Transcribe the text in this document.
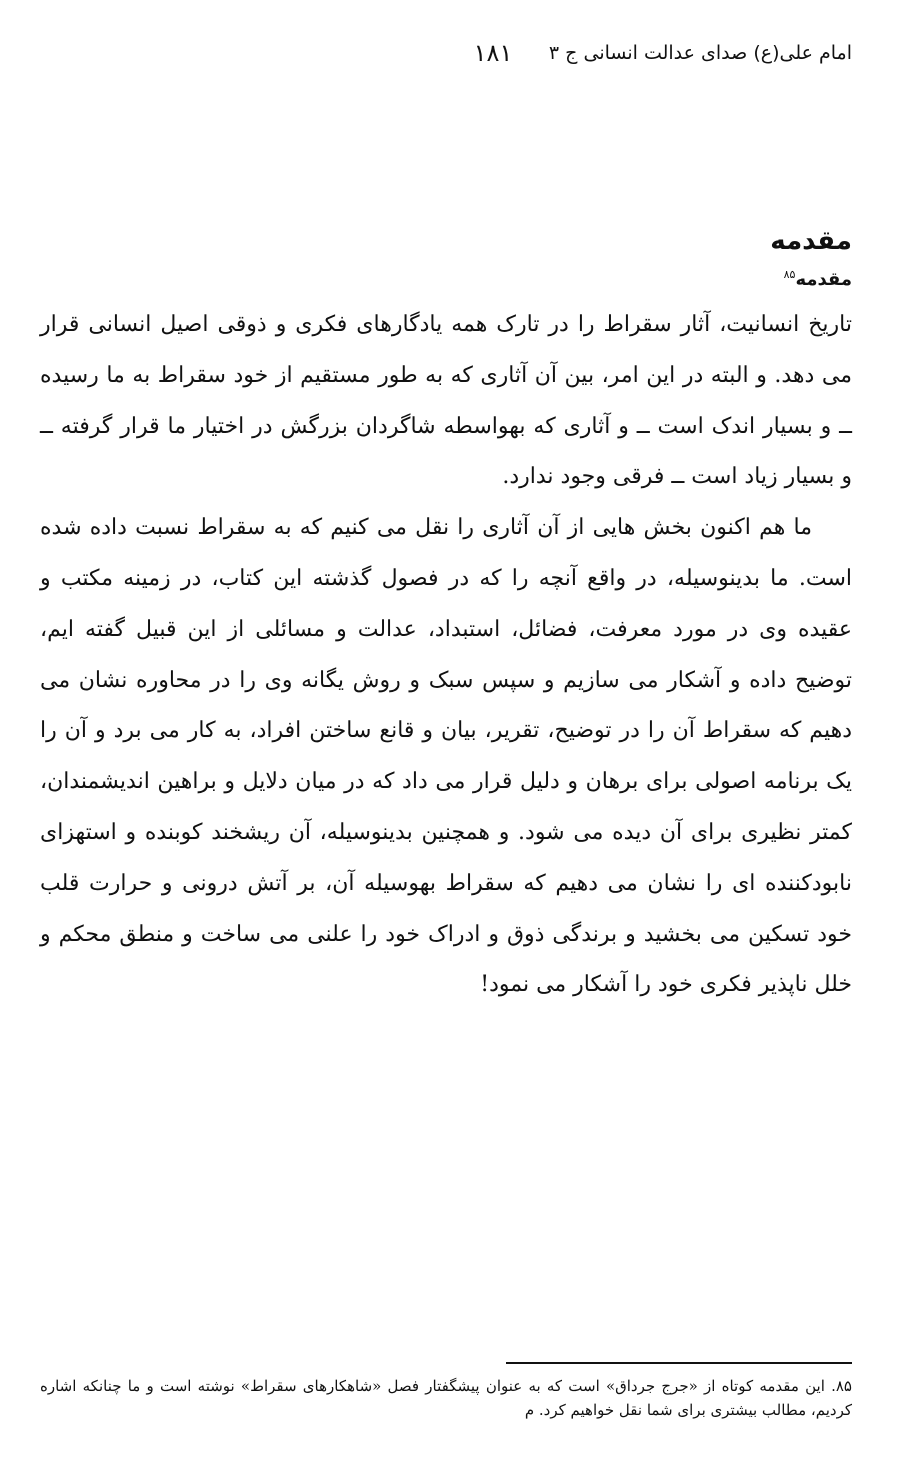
امام علی(ع) صدای عدالت انسانی ج ۳
۱۸۱
مقدمه
مقدمه$^{۸۵}$

تاریخ انسانیت، آثار سقراط را در تارک همه یادگارهای فکری و ذوقی اصیل انسانی قرار می دهد. و البته در این امر، بین آن آثاری که به طور مستقیم از خود سقراط به ما رسیده ــ و بسیار اندک است ــ و آثاری که بهواسطه شاگردان بزرگش در اختیار ما قرار گرفته ــ و بسیار زیاد است ــ فرقی وجود ندارد.

ما هم اکنون بخش هایی از آن آثاری را نقل می کنیم که به سقراط نسبت داده شده است. ما بدینوسیله، در واقع آنچه را که در فصول گذشته این کتاب، در زمینه مکتب و عقیده وی در مورد معرفت، فضائل، استبداد، عدالت و مسائلی از این قبیل گفته ایم، توضیح داده و آشکار می سازیم و سپس سبک و روش یگانه وی را در محاوره نشان می دهیم که سقراط آن را در توضیح، تقریر، بیان و قانع ساختن افراد، به کار می برد و آن را یک برنامه اصولی برای برهان و دلیل قرار می داد که در میان دلایل و براهین اندیشمندان، کمتر نظیری برای آن دیده می شود. و همچنین بدینوسیله، آن ریشخند کوبنده و استهزای نابودکننده ای را نشان می دهیم که سقراط بهوسیله آن، بر آتش درونی و حرارت قلب خود تسکین می بخشید و برندگی ذوق و ادراک خود را علنی می ساخت و منطق محکم و خلل ناپذیر فکری خود را آشکار می نمود!

۸۵. این مقدمه کوتاه از «جرج جرداق» است که به عنوان پیشگفتار فصل «شاهکارهای سقراط» نوشته است و ما چنانکه اشاره کردیم، مطالب بیشتری برای شما نقل خواهیم کرد. م
